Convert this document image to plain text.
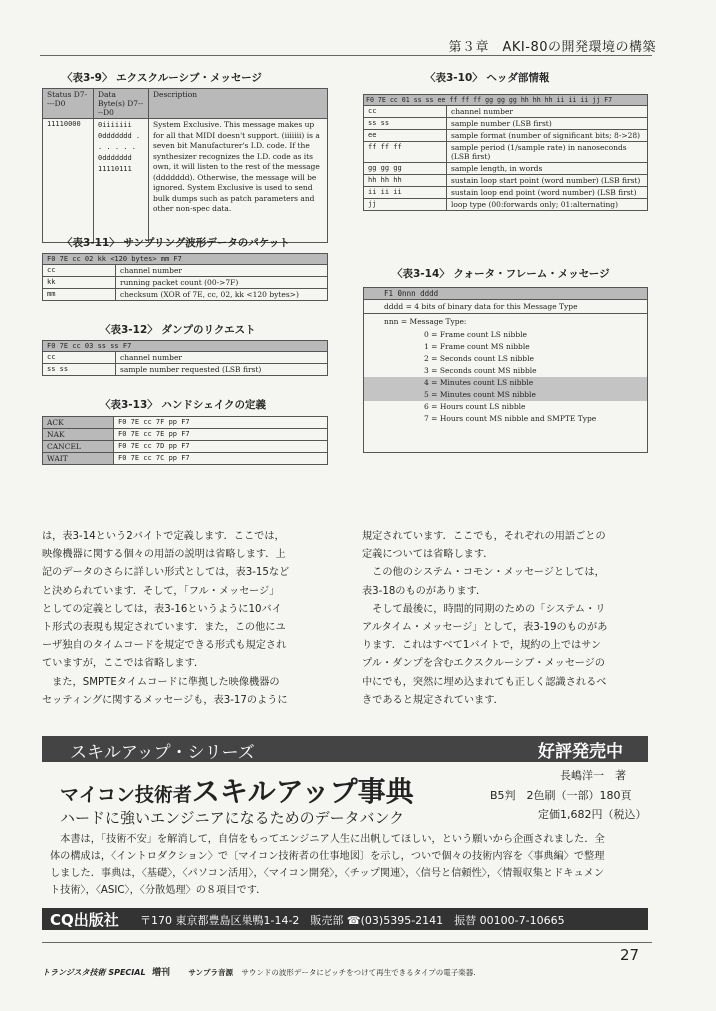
第３章　AKI-80の開発環境の構築
〈表3-9〉 エクスクルーシブ・メッセージ
Status D7----D0	Data Byte(s) D7----D0	Description
11110000	0iiiiiii 0ddddddd . . . . . . 0ddddddd 11110111	System Exclusive. This message makes up for all that MIDI doesn't support. (iiiiiii) is a seven bit Manufacturer's I.D. code. If the synthesizer recognizes the I.D. code as its own, it will listen to the rest of the message (ddddddd). Otherwise, the message will be ignored. System Exclusive is used to send bulk dumps such as patch parameters and other non-spec data.
〈表3-11〉 サンプリング波形データのパケット
F0 7E cc 02 kk <120 bytes> mm F7	
cc	channel number
kk	running packet count (00->7F)
mm	checksum (XOR of 7E, cc, 02, kk <120 bytes>)
〈表3-12〉 ダンプのリクエスト
F0 7E cc 03 ss ss F7	
cc	channel number
ss ss	sample number requested (LSB first)
〈表3-13〉 ハンドシェイクの定義
ACK	F0 7E cc 7F pp F7
NAK	F0 7E cc 7E pp F7
CANCEL	F0 7E cc 7D pp F7
WAIT	F0 7E cc 7C pp F7
〈表3-10〉 ヘッダ部情報
F0 7E cc 01 ss ss ee ff ff ff gg gg gg hh hh hh ii ii ii jj F7	
cc	channel number
ss ss	sample number (LSB first)
ee	sample format (number of significant bits; 8->28)
ff ff ff	sample period (1/sample rate) in nanoseconds (LSB first)
gg gg gg	sample length, in words
hh hh hh	sustain loop start point (word number) (LSB first)
ii ii ii	sustain loop end point (word number) (LSB first)
jj	loop type (00:forwards only; 01:alternating)
〈表3-14〉 クォータ・フレーム・メッセージ
F1 0nnn dddd
dddd = 4 bits of binary data for this Message Type
nnn = Message Type:
0 = Frame count LS nibble
1 = Frame count MS nibble
2 = Seconds count LS nibble
3 = Seconds count MS nibble
4 = Minutes count LS nibble
5 = Minutes count MS nibble
6 = Hours count LS nibble
7 = Hours count MS nibble and SMPTE Type
は，表3-14という2バイトで定義します．ここでは，
映像機器に関する個々の用語の説明は省略します．上
記のデータのさらに詳しい形式としては，表3-15など
と決められています．そして，「フル・メッセージ」
としての定義としては，表3-16というように10バイ
ト形式の表現も規定されています．また，この他にユ
ーザ独自のタイムコードを規定できる形式も規定され
ていますが，ここでは省略します．
　また，SMPTEタイムコードに準拠した映像機器の
セッティングに関するメッセージも，表3-17のように
規定されています．ここでも，それぞれの用語ごとの
定義については省略します．
　この他のシステム・コモン・メッセージとしては，
表3-18のものがあります．
　そして最後に，時間的同期のための「システム・リ
アルタイム・メッセージ」として，表3-19のものがあ
ります．これはすべて1バイトで，規約の上ではサン
プル・ダンプを含むエクスクルーシブ・メッセージの
中にでも，突然に埋め込まれても正しく認識されるべ
きであると規定されています．
スキルアップ・シリーズ	好評発売中
マイコン技術者スキルアップ事典
ハードに強いエンジニアになるためのデータバンク
長嶋洋一　著
B5判　2色刷（一部）180頁
定価1,682円（税込）
　本書は，「技術不安」を解消して，自信をもってエンジニア人生に出帆してほしい，という願いから企画されました．全
体の構成は，〈イントロダクション〉で〔マイコン技術者の仕事地図〕を示し，ついで個々の技術内容を〈事典編〉で整理
しました．事典は，〈基礎〉，〈パソコン活用〉，〈マイコン開発〉，〈チップ関連〉，〈信号と信頼性〉，〈情報収集とドキュメン
ト技術〉，〈ASIC〉，〈分散処理〉の８項目です．
CQ出版社 〒170 東京都豊島区巣鴨1-14-2　販売部 ☎(03)5395-2141　振替 00100-7-10665
27
トランジスタ技術 SPECIAL 増刊 サンプラ音源 サウンドの波形データにピッチをつけて再生できるタイプの電子楽器.
